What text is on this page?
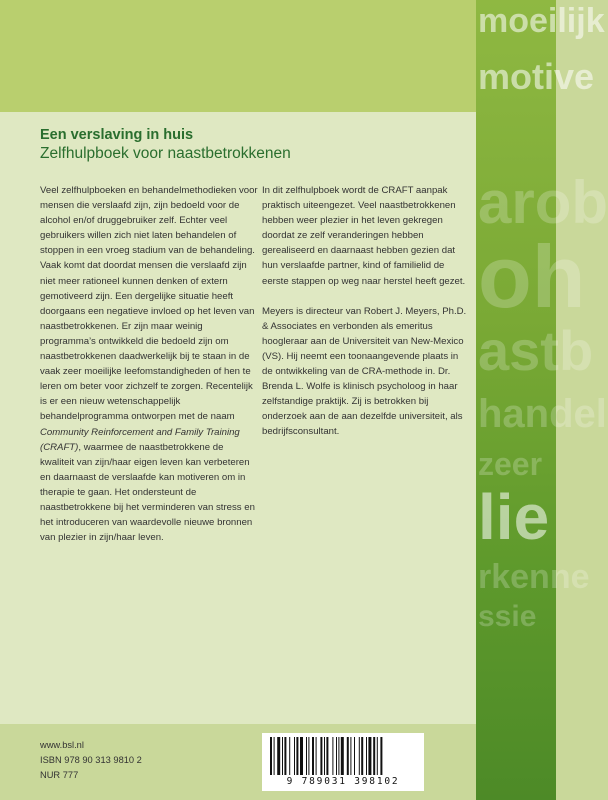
moeilijk
motive
arob
oh
astb
handel
zeer
lie
rkenne
ssie
Een verslaving in huis
Zelfhulpboek voor naastbetrokkenen

Veel zelfhulpboeken en behandelmethodieken voor mensen die verslaafd zijn, zijn bedoeld voor de alcohol en/of druggebruiker zelf. Echter veel gebruikers willen zich niet laten behandelen of stoppen in een vroeg stadium van de behandeling. Vaak komt dat doordat mensen die verslaafd zijn niet meer rationeel kunnen denken of extern gemotiveerd zijn. Een dergelijke situatie heeft doorgaans een negatieve invloed op het leven van naastbetrokkenen. Er zijn maar weinig programma’s ontwikkeld die bedoeld zijn om naastbetrokkenen daadwerkelijk bij te staan in de vaak zeer moeilijke leefomstandigheden of hen te leren om beter voor zichzelf te zorgen. Recentelijk is er een nieuw wetenschappelijk behandelprogramma ontworpen met de naam Community Reinforcement and Family Training (CRAFT), waarmee de naastbetrokkene de kwaliteit van zijn/haar eigen leven kan verbeteren en daarnaast de verslaafde kan motiveren om in therapie te gaan. Het ondersteunt de naastbetrokkene bij het verminderen van stress en het introduceren van waardevolle nieuwe bronnen van plezier in zijn/haar leven.

In dit zelfhulpboek wordt de CRAFT aanpak praktisch uiteengezet. Veel naastbetrokkenen hebben weer plezier in het leven gekregen doordat ze zelf veranderingen hebben gerealiseerd en daarnaast hebben gezien dat hun verslaafde partner, kind of familielid de eerste stappen op weg naar herstel heeft gezet.

Meyers is directeur van Robert J. Meyers, Ph.D. & Associates en verbonden als emeritus hoogleraar aan de Universiteit van New-Mexico (VS). Hij neemt een toonaangevende plaats in de ontwikkeling van de CRA-methode in. Dr. Brenda L. Wolfe is klinisch psycholoog in haar zelfstandige praktijk. Zij is betrokken bij onderzoek aan de aan dezelfde universiteit, als bedrijfsconsultant.

www.bsl.nl
ISBN 978 90 313 9810 2
NUR 777
9 789031 398102
